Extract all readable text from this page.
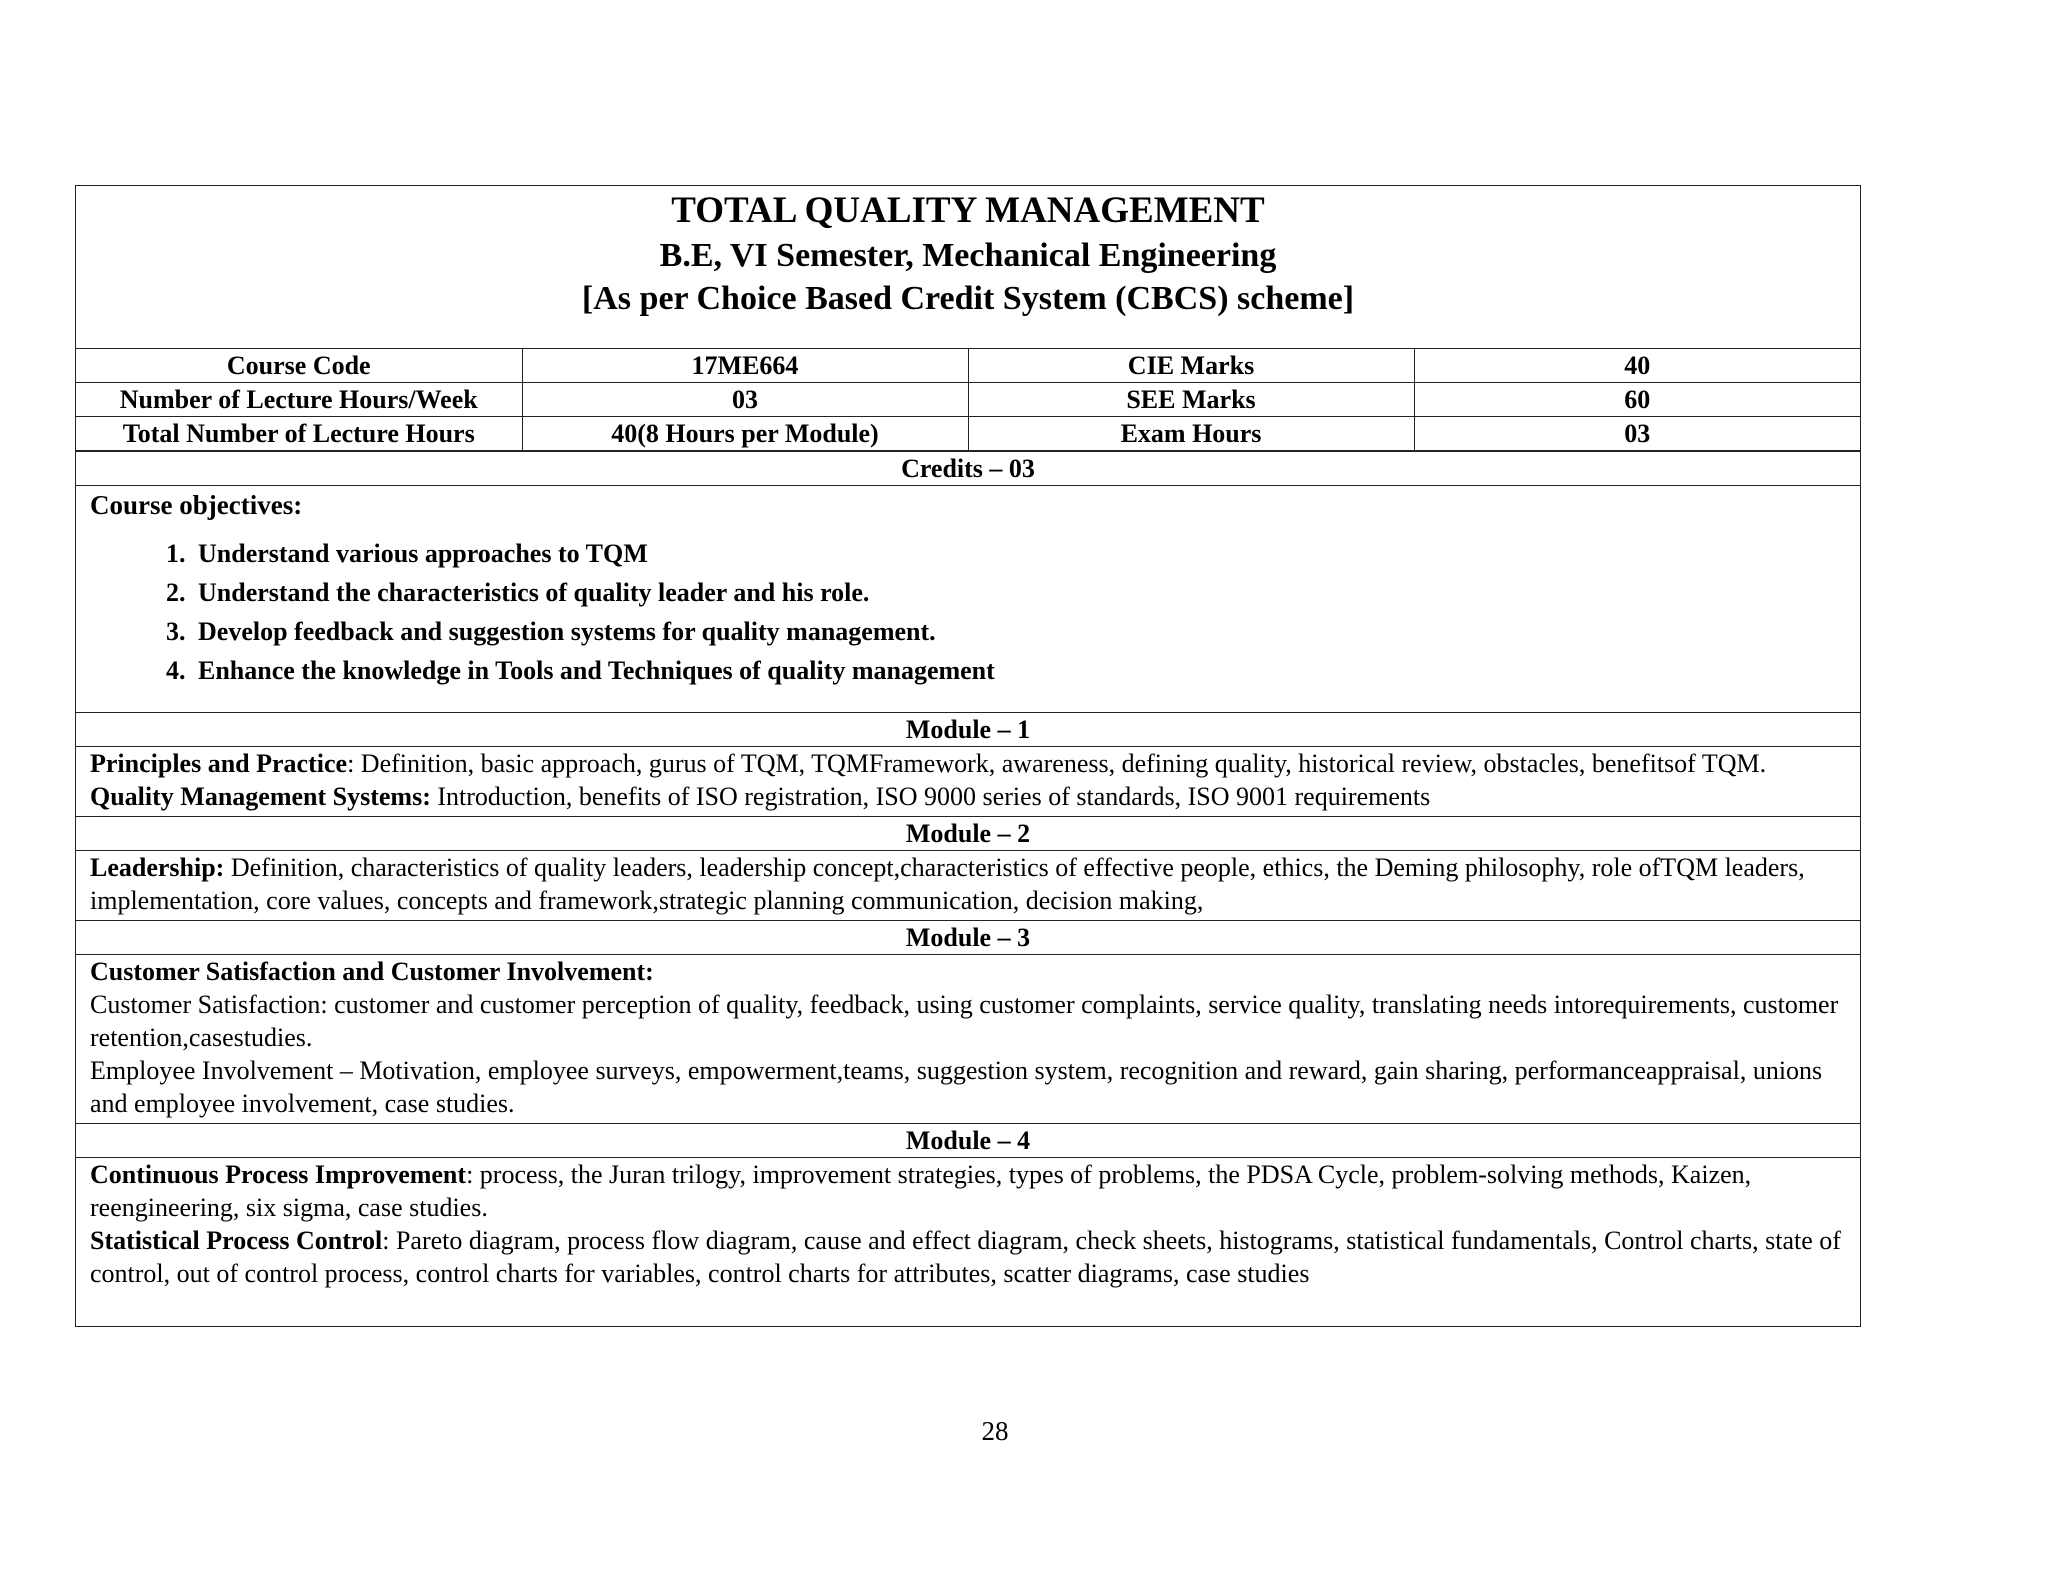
TOTAL QUALITY MANAGEMENT
B.E, VI Semester, Mechanical Engineering
[As per Choice Based Credit System (CBCS) scheme]
Course Code	17ME664	CIE Marks	40
Number of Lecture Hours/Week	03	SEE Marks	60
Total Number of Lecture Hours	40(8 Hours per Module)	Exam Hours	03
Credits – 03
Course objectives:
1. Understand various approaches to TQM
2. Understand the characteristics of quality leader and his role.
3. Develop feedback and suggestion systems for quality management.
4. Enhance the knowledge in Tools and Techniques of quality management
Module – 1

Principles and Practice: Definition, basic approach, gurus of TQM, TQMFramework, awareness, defining quality, historical review, obstacles, benefitsof TQM.

Quality Management Systems: Introduction, benefits of ISO registration, ISO 9000 series of standards, ISO 9001 requirements

Module – 2

Leadership: Definition, characteristics of quality leaders, leadership concept,characteristics of effective people, ethics, the Deming philosophy, role ofTQM leaders, implementation, core values, concepts and framework,strategic planning communication, decision making,

Module – 3

Customer Satisfaction and Customer Involvement:

Customer Satisfaction: customer and customer perception of quality, feedback, using customer complaints, service quality, translating needs intorequirements, customer retention,casestudies.

Employee Involvement – Motivation, employee surveys, empowerment,teams, suggestion system, recognition and reward, gain sharing, performanceappraisal, unions and employee involvement, case studies.

Module – 4

Continuous Process Improvement: process, the Juran trilogy, improvement strategies, types of problems, the PDSA Cycle, problem-solving methods, Kaizen, reengineering, six sigma, case studies.

Statistical Process Control: Pareto diagram, process flow diagram, cause and effect diagram, check sheets, histograms, statistical fundamentals, Control charts, state of control, out of control process, control charts for variables, control charts for attributes, scatter diagrams, case studies

28
